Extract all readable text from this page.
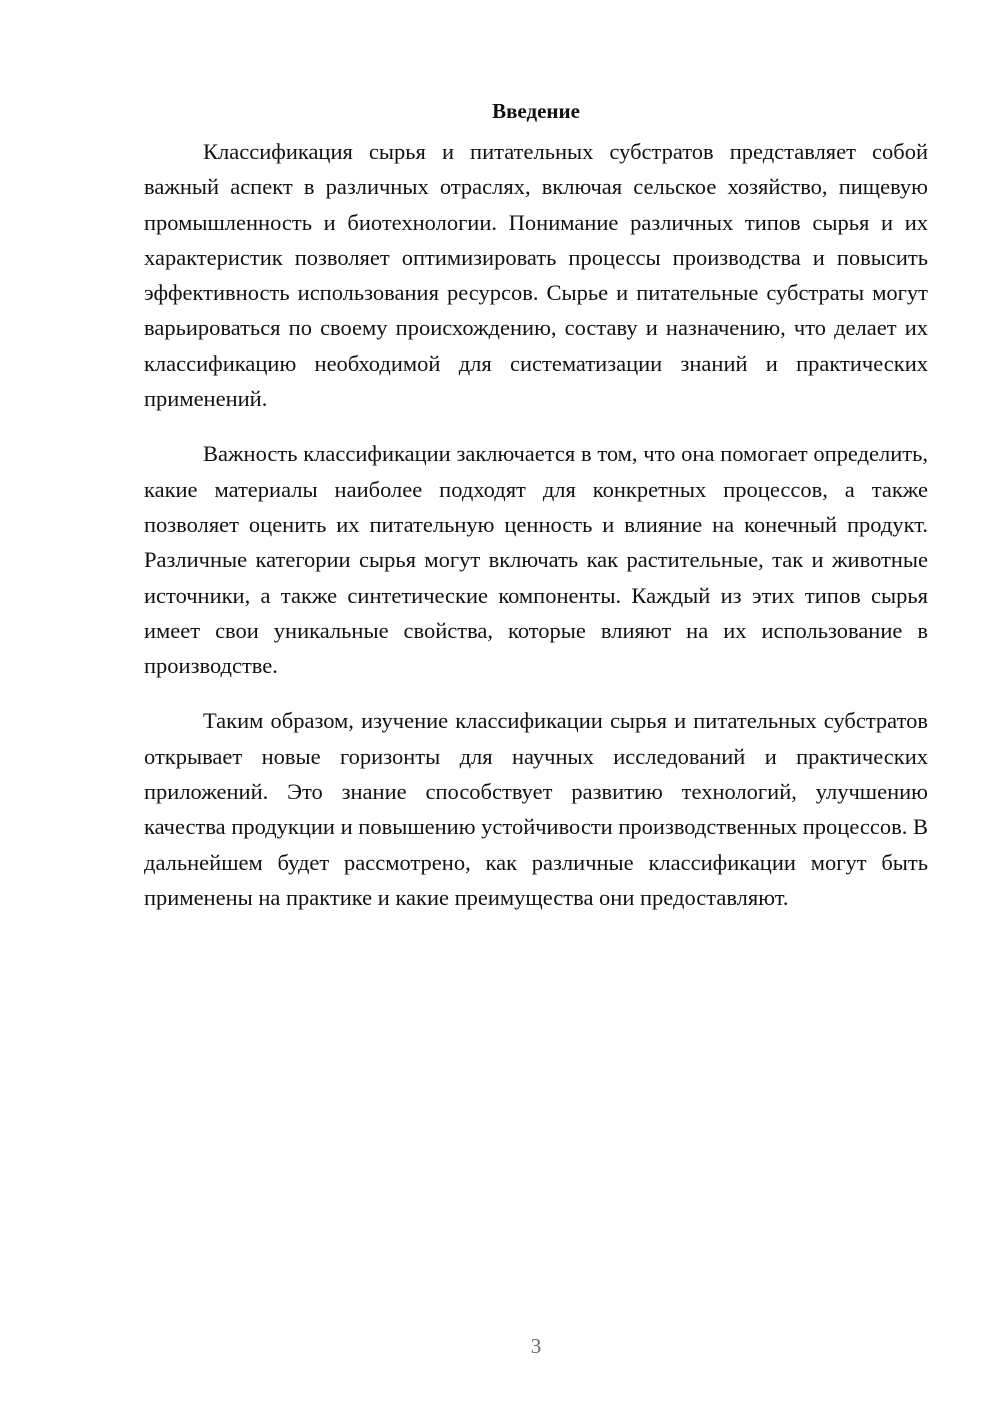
Введение

Классификация сырья и питательных субстратов представляет собой важный аспект в различных отраслях, включая сельское хозяйство, пищевую промышленность и биотехнологии. Понимание различных типов сырья и их характеристик позволяет оптимизировать процессы производства и повысить эффективность использования ресурсов. Сырье и питательные субстраты могут варьироваться по своему происхождению, составу и назначению, что делает их классификацию необходимой для систематизации знаний и практических применений.

Важность классификации заключается в том, что она помогает определить, какие материалы наиболее подходят для конкретных процессов, а также позволяет оценить их питательную ценность и влияние на конечный продукт. Различные категории сырья могут включать как растительные, так и животные источники, а также синтетические компоненты. Каждый из этих типов сырья имеет свои уникальные свойства, которые влияют на их использование в производстве.

Таким образом, изучение классификации сырья и питательных субстратов открывает новые горизонты для научных исследований и практических приложений. Это знание способствует развитию технологий, улучшению качества продукции и повышению устойчивости производственных процессов. В дальнейшем будет рассмотрено, как различные классификации могут быть применены на практике и какие преимущества они предоставляют.

3
